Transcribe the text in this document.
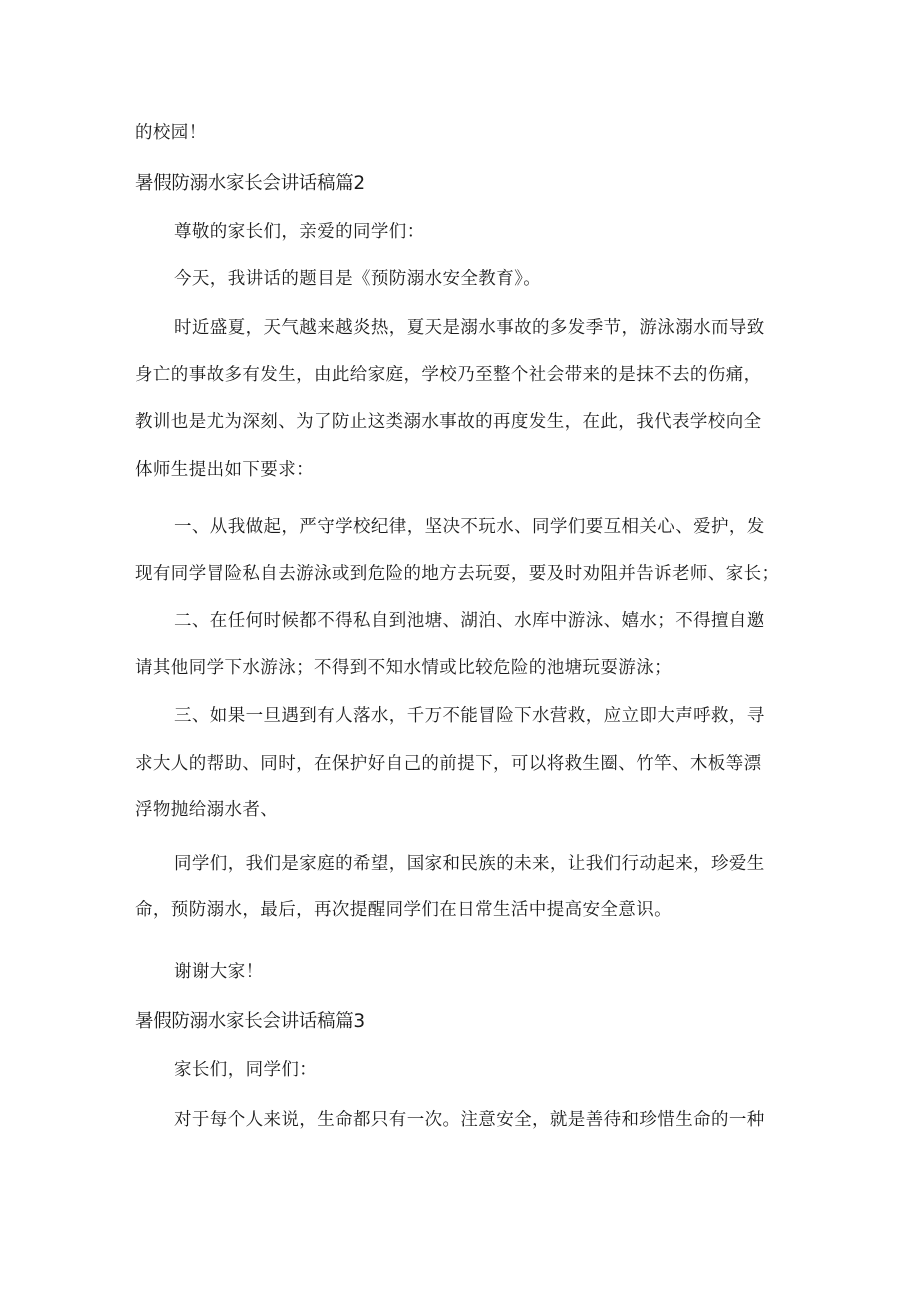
的校园！
暑假防溺水家长会讲话稿篇2
尊敬的家长们，亲爱的同学们：
今天，我讲话的题目是《预防溺水安全教育》。
时近盛夏，天气越来越炎热，夏天是溺水事故的多发季节，游泳溺水而导致
身亡的事故多有发生，由此给家庭，学校乃至整个社会带来的是抹不去的伤痛，
教训也是尤为深刻、为了防止这类溺水事故的再度发生，在此，我代表学校向全
体师生提出如下要求：
一、从我做起，严守学校纪律，坚决不玩水、同学们要互相关心、爱护，发
现有同学冒险私自去游泳或到危险的地方去玩耍，要及时劝阻并告诉老师、家长；
二、在任何时候都不得私自到池塘、湖泊、水库中游泳、嬉水；不得擅自邀
请其他同学下水游泳；不得到不知水情或比较危险的池塘玩耍游泳；
三、如果一旦遇到有人落水，千万不能冒险下水营救，应立即大声呼救，寻
求大人的帮助、同时，在保护好自己的前提下，可以将救生圈、竹竿、木板等漂
浮物抛给溺水者、
同学们，我们是家庭的希望，国家和民族的未来，让我们行动起来，珍爱生
命，预防溺水，最后，再次提醒同学们在日常生活中提高安全意识。
谢谢大家！
暑假防溺水家长会讲话稿篇3
家长们，同学们：
对于每个人来说，生命都只有一次。注意安全，就是善待和珍惜生命的一种
